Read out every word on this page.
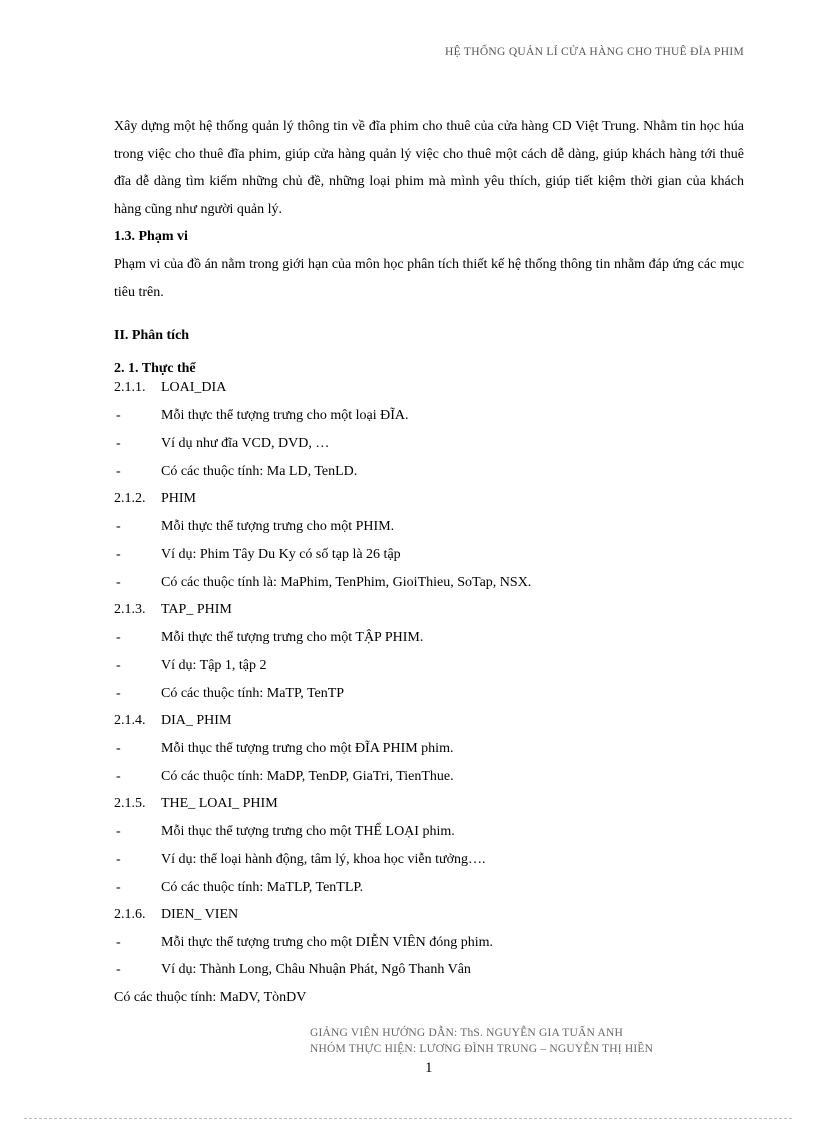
HỆ THỐNG QUẢN LÍ CỬA HÀNG CHO THUÊ ĐĨA PHIM
Xây dựng một hệ thống quản lý thông tin về đĩa phim cho thuê của cửa hàng CD Việt Trung. Nhằm tin học húa trong việc cho thuê đĩa phim, giúp cửa hàng quản lý việc cho thuê một cách dễ dàng, giúp khách hàng tới thuê đĩa dễ dàng tìm kiếm những chủ đề, những loại phim mà mình yêu thích, giúp tiết kiệm thời gian của khách hàng cũng như người quản lý.
1.3. Phạm vi
Phạm vi của đồ án nằm trong giới hạn của môn học phân tích thiết kế hệ thống thông tin nhằm đáp ứng các mục tiêu trên.
II. Phân tích
2. 1. Thực thể
2.1.1. LOAI_DIA
-	Mỗi thực thể tượng trưng cho một loại ĐĨA.
-	Ví dụ như đĩa VCD, DVD, …
-	Có các thuộc tính: Ma LD, TenLD.
2.1.2. PHIM
-	Mỗi thực thể tượng trưng cho một PHIM.
-	Ví dụ: Phim Tây Du Ky có số tạp là 26 tập
-	Có các thuộc tính là: MaPhim, TenPhim, GioiThieu, SoTap, NSX.
2.1.3. TAP_ PHIM
-	Mỗi thực thể tượng trưng cho một TẬP PHIM.
-	Ví dụ: Tập 1, tập 2
-	Có các thuộc tính: MaTP, TenTP
2.1.4. DIA_ PHIM
-	Mỗi thục thể tượng trưng cho một ĐĨA PHIM phim.
-	Có các thuộc tính: MaDP, TenDP, GiaTri, TienThue.
2.1.5. THE_ LOAI_ PHIM
-	Mỗi thục thể tượng trưng cho một THỂ LOẠI phim.
-	Ví dụ: thể loại hành động, tâm lý, khoa học viễn tưởng….
-	Có các thuộc tính: MaTLP, TenTLP.
2.1.6. DIEN_ VIEN
-	Mỗi thực thể tượng trưng cho một DIỄN VIÊN đóng phim.
-	Ví dụ: Thành Long, Châu Nhuận Phát, Ngô Thanh Vân
Có các thuộc tính: MaDV, TònDV
GIẢNG VIÊN HƯỚNG DẪN: ThS. NGUYỄN GIA TUẤN ANH
NHÓM THỰC HIỆN: LƯƠNG ĐÌNH TRUNG – NGUYỄN THỊ HIỀN
1
